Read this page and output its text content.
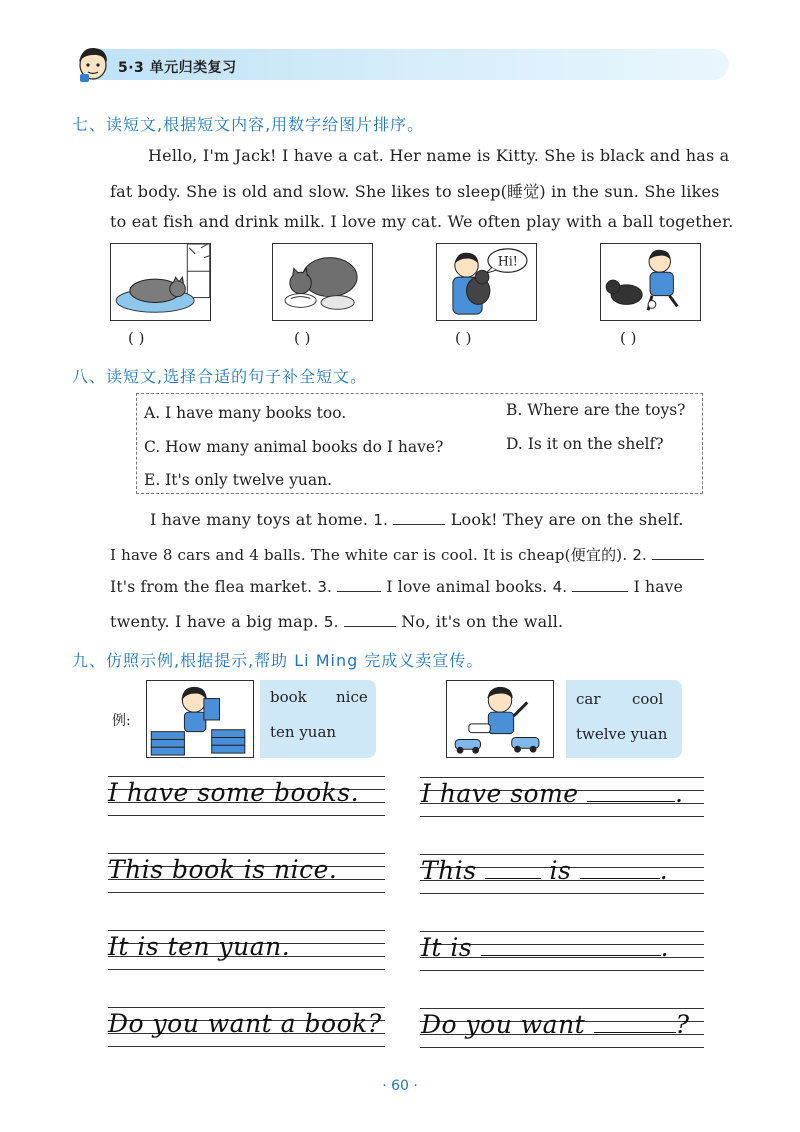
5·3 单元归类复习
七、读短文,根据短文内容,用数字给图片排序。
Hello, I'm Jack! I have a cat. Her name is Kitty. She is black and has a
fat body. She is old and slow. She likes to sleep(睡觉) in the sun. She likes
to eat fish and drink milk. I love my cat. We often play with a ball together.
Hi!
( )	( )	( )	( )
八、读短文,选择合适的句子补全短文。
A. I have many books too.	B. Where are the toys?
C. How many animal books do I have?	D. Is it on the shelf?
E. It's only twelve yuan.
I have many toys at home. 1.	Look! They are on the shelf.
I have 8 cars and 4 balls. The white car is cool. It is cheap(便宜的). 2.
It's from the flea market. 3.	I love animal books. 4.	I have
twenty. I have a big map. 5.	No, it's on the wall.
九、仿照示例,根据提示,帮助 Li Ming 完成义卖宣传。
例:
book nice
ten yuan
car cool
twelve yuan
I have some books.
This book is nice.
It is ten yuan.
Do you want a book?
I have some	.
This	is	.
It is	.
Do you want	?
· 60 ·
